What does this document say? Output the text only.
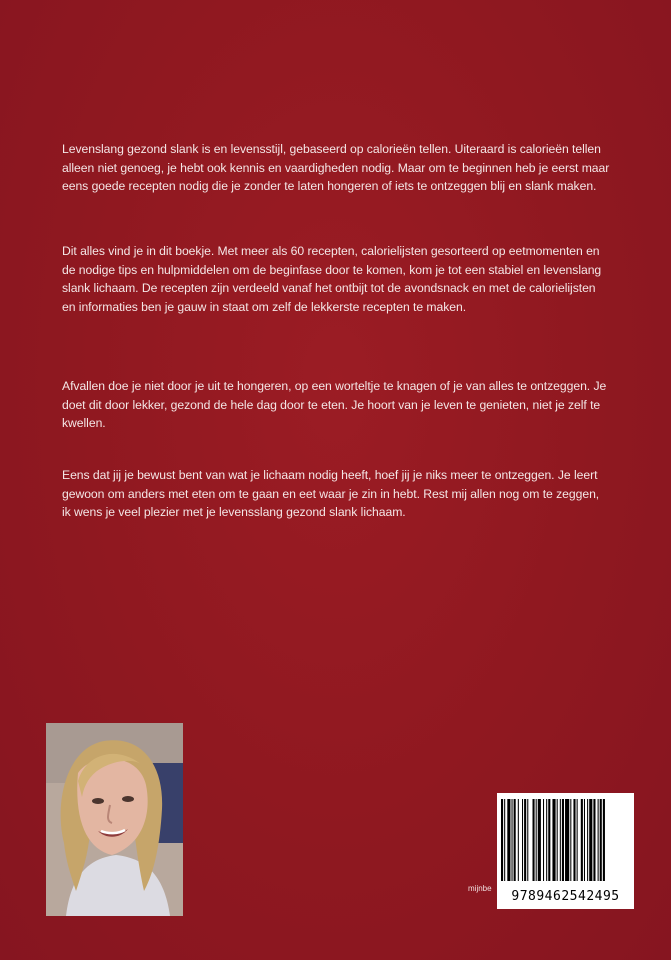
Levenslang gezond slank is en levensstijl, gebaseerd op calorieën tellen. Uiteraard is calorieën tellen alleen niet genoeg, je hebt ook kennis en vaardigheden nodig. Maar om te beginnen heb je eerst maar eens goede recepten nodig die je zonder te laten hongeren of iets te ontzeggen blij en slank maken.
Dit alles vind je in dit boekje. Met meer als 60 recepten, calorielijsten gesorteerd op eetmomenten en de nodige tips en hulpmiddelen om de beginfase door te komen, kom je tot een stabiel en levenslang slank lichaam. De recepten zijn verdeeld vanaf het ontbijt tot de avondsnack en met de calorielijsten en informaties ben je gauw in staat om zelf de lekkerste recepten te maken.
Afvallen doe je niet door je uit te hongeren, op een worteltje te knagen of je van alles te ontzeggen. Je doet dit door lekker, gezond de hele dag door te eten. Je hoort van je leven te genieten, niet je zelf te kwellen.
Eens dat jij je bewust bent van wat je lichaam nodig heeft, hoef jij je niks meer te ontzeggen. Je leert gewoon om anders met eten om te gaan en eet waar je zin in hebt. Rest mij allen nog om te zeggen, ik wens je veel plezier met je levensslang gezond slank lichaam.
mijnbe
9789462542495
